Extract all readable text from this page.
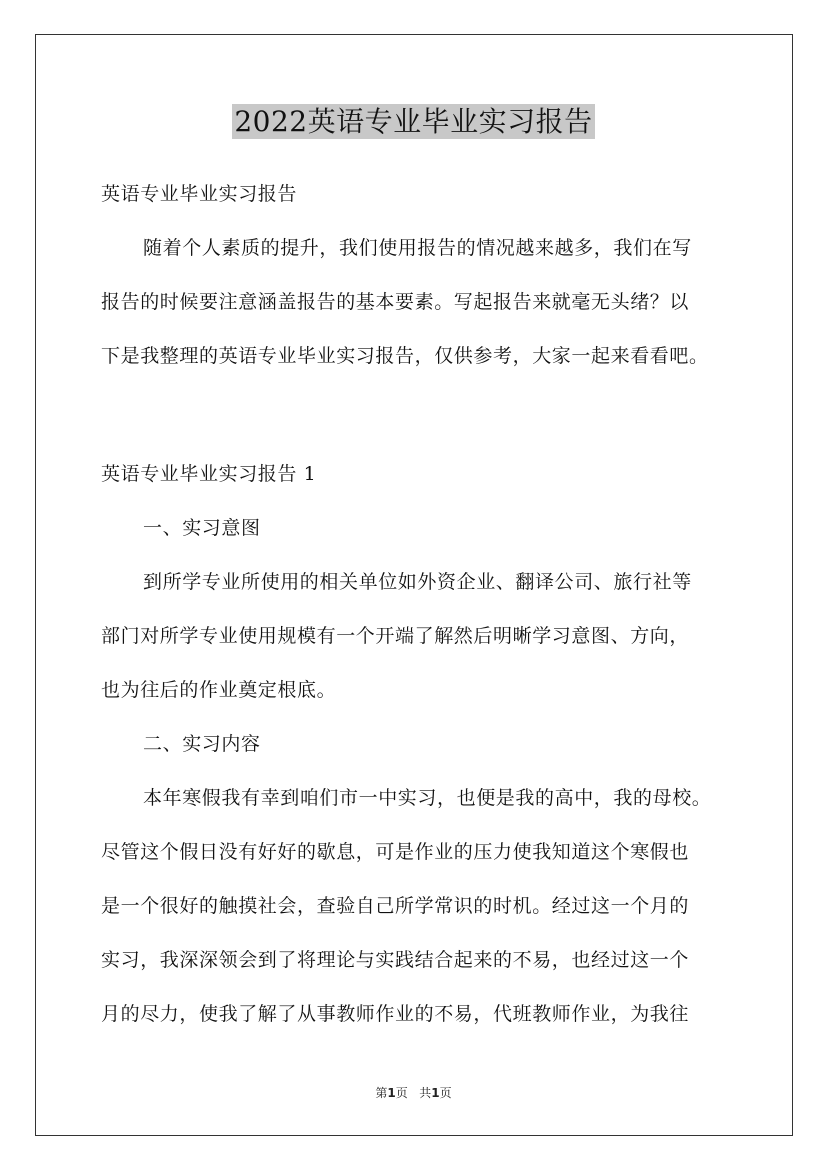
2022英语专业毕业实习报告
英语专业毕业实习报告
随着个人素质的提升，我们使用报告的情况越来越多，我们在写
报告的时候要注意涵盖报告的基本要素。写起报告来就毫无头绪？以
下是我整理的英语专业毕业实习报告，仅供参考，大家一起来看看吧。
英语专业毕业实习报告 1
一、实习意图
到所学专业所使用的相关单位如外资企业、翻译公司、旅行社等
部门对所学专业使用规模有一个开端了解然后明晰学习意图、方向，
也为往后的作业奠定根底。
二、实习内容
本年寒假我有幸到咱们市一中实习，也便是我的高中，我的母校。
尽管这个假日没有好好的歇息，可是作业的压力使我知道这个寒假也
是一个很好的触摸社会，查验自己所学常识的时机。经过这一个月的
实习，我深深领会到了将理论与实践结合起来的不易，也经过这一个
月的尽力，使我了解了从事教师作业的不易，代班教师作业，为我往
第1页 共1页
